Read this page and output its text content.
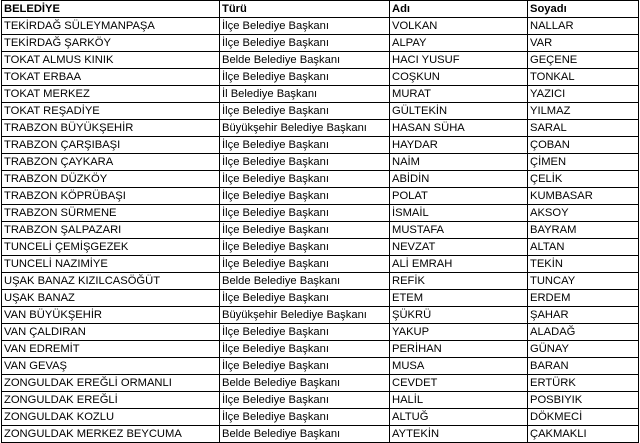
BELEDİYE	Türü	Adı	Soyadı
TEKİRDAĞ SÜLEYMANPAŞA	İlçe Belediye Başkanı	VOLKAN	NALLAR
TEKİRDAĞ ŞARKÖY	İlçe Belediye Başkanı	ALPAY	VAR
TOKAT ALMUS KINIK	Belde Belediye Başkanı	HACI YUSUF	GEÇENE
TOKAT ERBAA	İlçe Belediye Başkanı	COŞKUN	TONKAL
TOKAT MERKEZ	İl Belediye Başkanı	MURAT	YAZICI
TOKAT REŞADİYE	İlçe Belediye Başkanı	GÜLTEKİN	YILMAZ
TRABZON BÜYÜKŞEHİR	Büyükşehir Belediye Başkanı	HASAN SÜHA	SARAL
TRABZON ÇARŞIBAŞI	İlçe Belediye Başkanı	HAYDAR	ÇOBAN
TRABZON ÇAYKARA	İlçe Belediye Başkanı	NAİM	ÇİMEN
TRABZON DÜZKÖY	İlçe Belediye Başkanı	ABİDİN	ÇELİK
TRABZON KÖPRÜBAŞI	İlçe Belediye Başkanı	POLAT	KUMBASAR
TRABZON SÜRMENE	İlçe Belediye Başkanı	İSMAİL	AKSOY
TRABZON ŞALPAZARI	İlçe Belediye Başkanı	MUSTAFA	BAYRAM
TUNCELİ ÇEMİŞGEZEK	İlçe Belediye Başkanı	NEVZAT	ALTAN
TUNCELİ NAZIMİYE	İlçe Belediye Başkanı	ALİ EMRAH	TEKİN
UŞAK BANAZ KIZILCASÖĞÜT	Belde Belediye Başkanı	REFİK	TUNCAY
UŞAK BANAZ	İlçe Belediye Başkanı	ETEM	ERDEM
VAN BÜYÜKŞEHİR	Büyükşehir Belediye Başkanı	ŞÜKRÜ	ŞAHAR
VAN ÇALDIRAN	İlçe Belediye Başkanı	YAKUP	ALADAĞ
VAN EDREMİT	İlçe Belediye Başkanı	PERİHAN	GÜNAY
VAN GEVAŞ	İlçe Belediye Başkanı	MUSA	BARAN
ZONGULDAK EREĞLİ ORMANLI	Belde Belediye Başkanı	CEVDET	ERTÜRK
ZONGULDAK EREĞLİ	İlçe Belediye Başkanı	HALİL	POSBIYIK
ZONGULDAK KOZLU	İlçe Belediye Başkanı	ALTUĞ	DÖKMECİ
ZONGULDAK MERKEZ BEYCUMA	Belde Belediye Başkanı	AYTEKİN	ÇAKMAKLI
